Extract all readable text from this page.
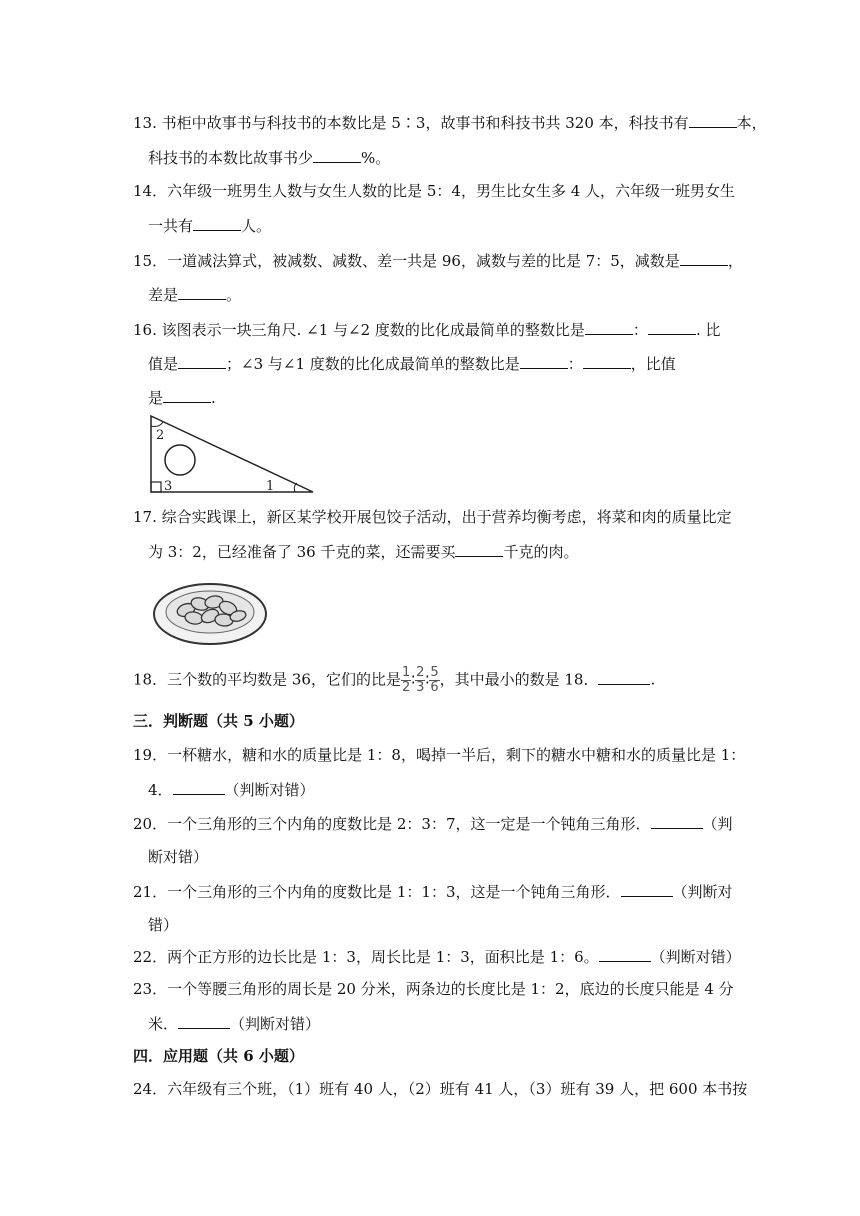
13. 书柜中故事书与科技书的本数比是 5∶3，故事书和科技书共 320 本，科技书有	本，
科技书的本数比故事书少	%。
14．六年级一班男生人数与女生人数的比是 5：4，男生比女生多 4 人，六年级一班男女生
一共有	人。
15．一道减法算式，被减数、减数、差一共是 96，减数与差的比是 7：5，减数是	，
差是	。
16. 该图表示一块三角尺. ∠1 与∠2 度数的比化成最简单的整数比是	：	. 比
值是	；∠3 与∠1 度数的比化成最简单的整数比是	：	，比值
是	.
2
3	1
17. 综合实践课上，新区某学校开展包饺子活动，出于营养均衡考虑，将菜和肉的质量比定
为 3：2，已经准备了 36 千克的菜，还需要买	千克的肉。
18．三个数的平均数是 36，它们的比是 $\frac{1}{2}$ ∶ $\frac{2}{3}$ ∶ $\frac{5}{6}$ ，其中最小的数是 18．	.
三．判断题（共 5 小题）
19．一杯糖水，糖和水的质量比是 1：8，喝掉一半后，剩下的糖水中糖和水的质量比是 1：
4．	（判断对错）
20．一个三角形的三个内角的度数比是 2：3：7，这一定是一个钝角三角形．	（判
断对错）
21．一个三角形的三个内角的度数比是 1：1：3，这是一个钝角三角形．	（判断对
错）
22．两个正方形的边长比是 1：3，周长比是 1：3，面积比是 1：6。	（判断对错）
23．一个等腰三角形的周长是 20 分米，两条边的长度比是 1：2，底边的长度只能是 4 分
米．	（判断对错）
四．应用题（共 6 小题）
24．六年级有三个班，（1）班有 40 人，（2）班有 41 人，（3）班有 39 人，把 600 本书按
